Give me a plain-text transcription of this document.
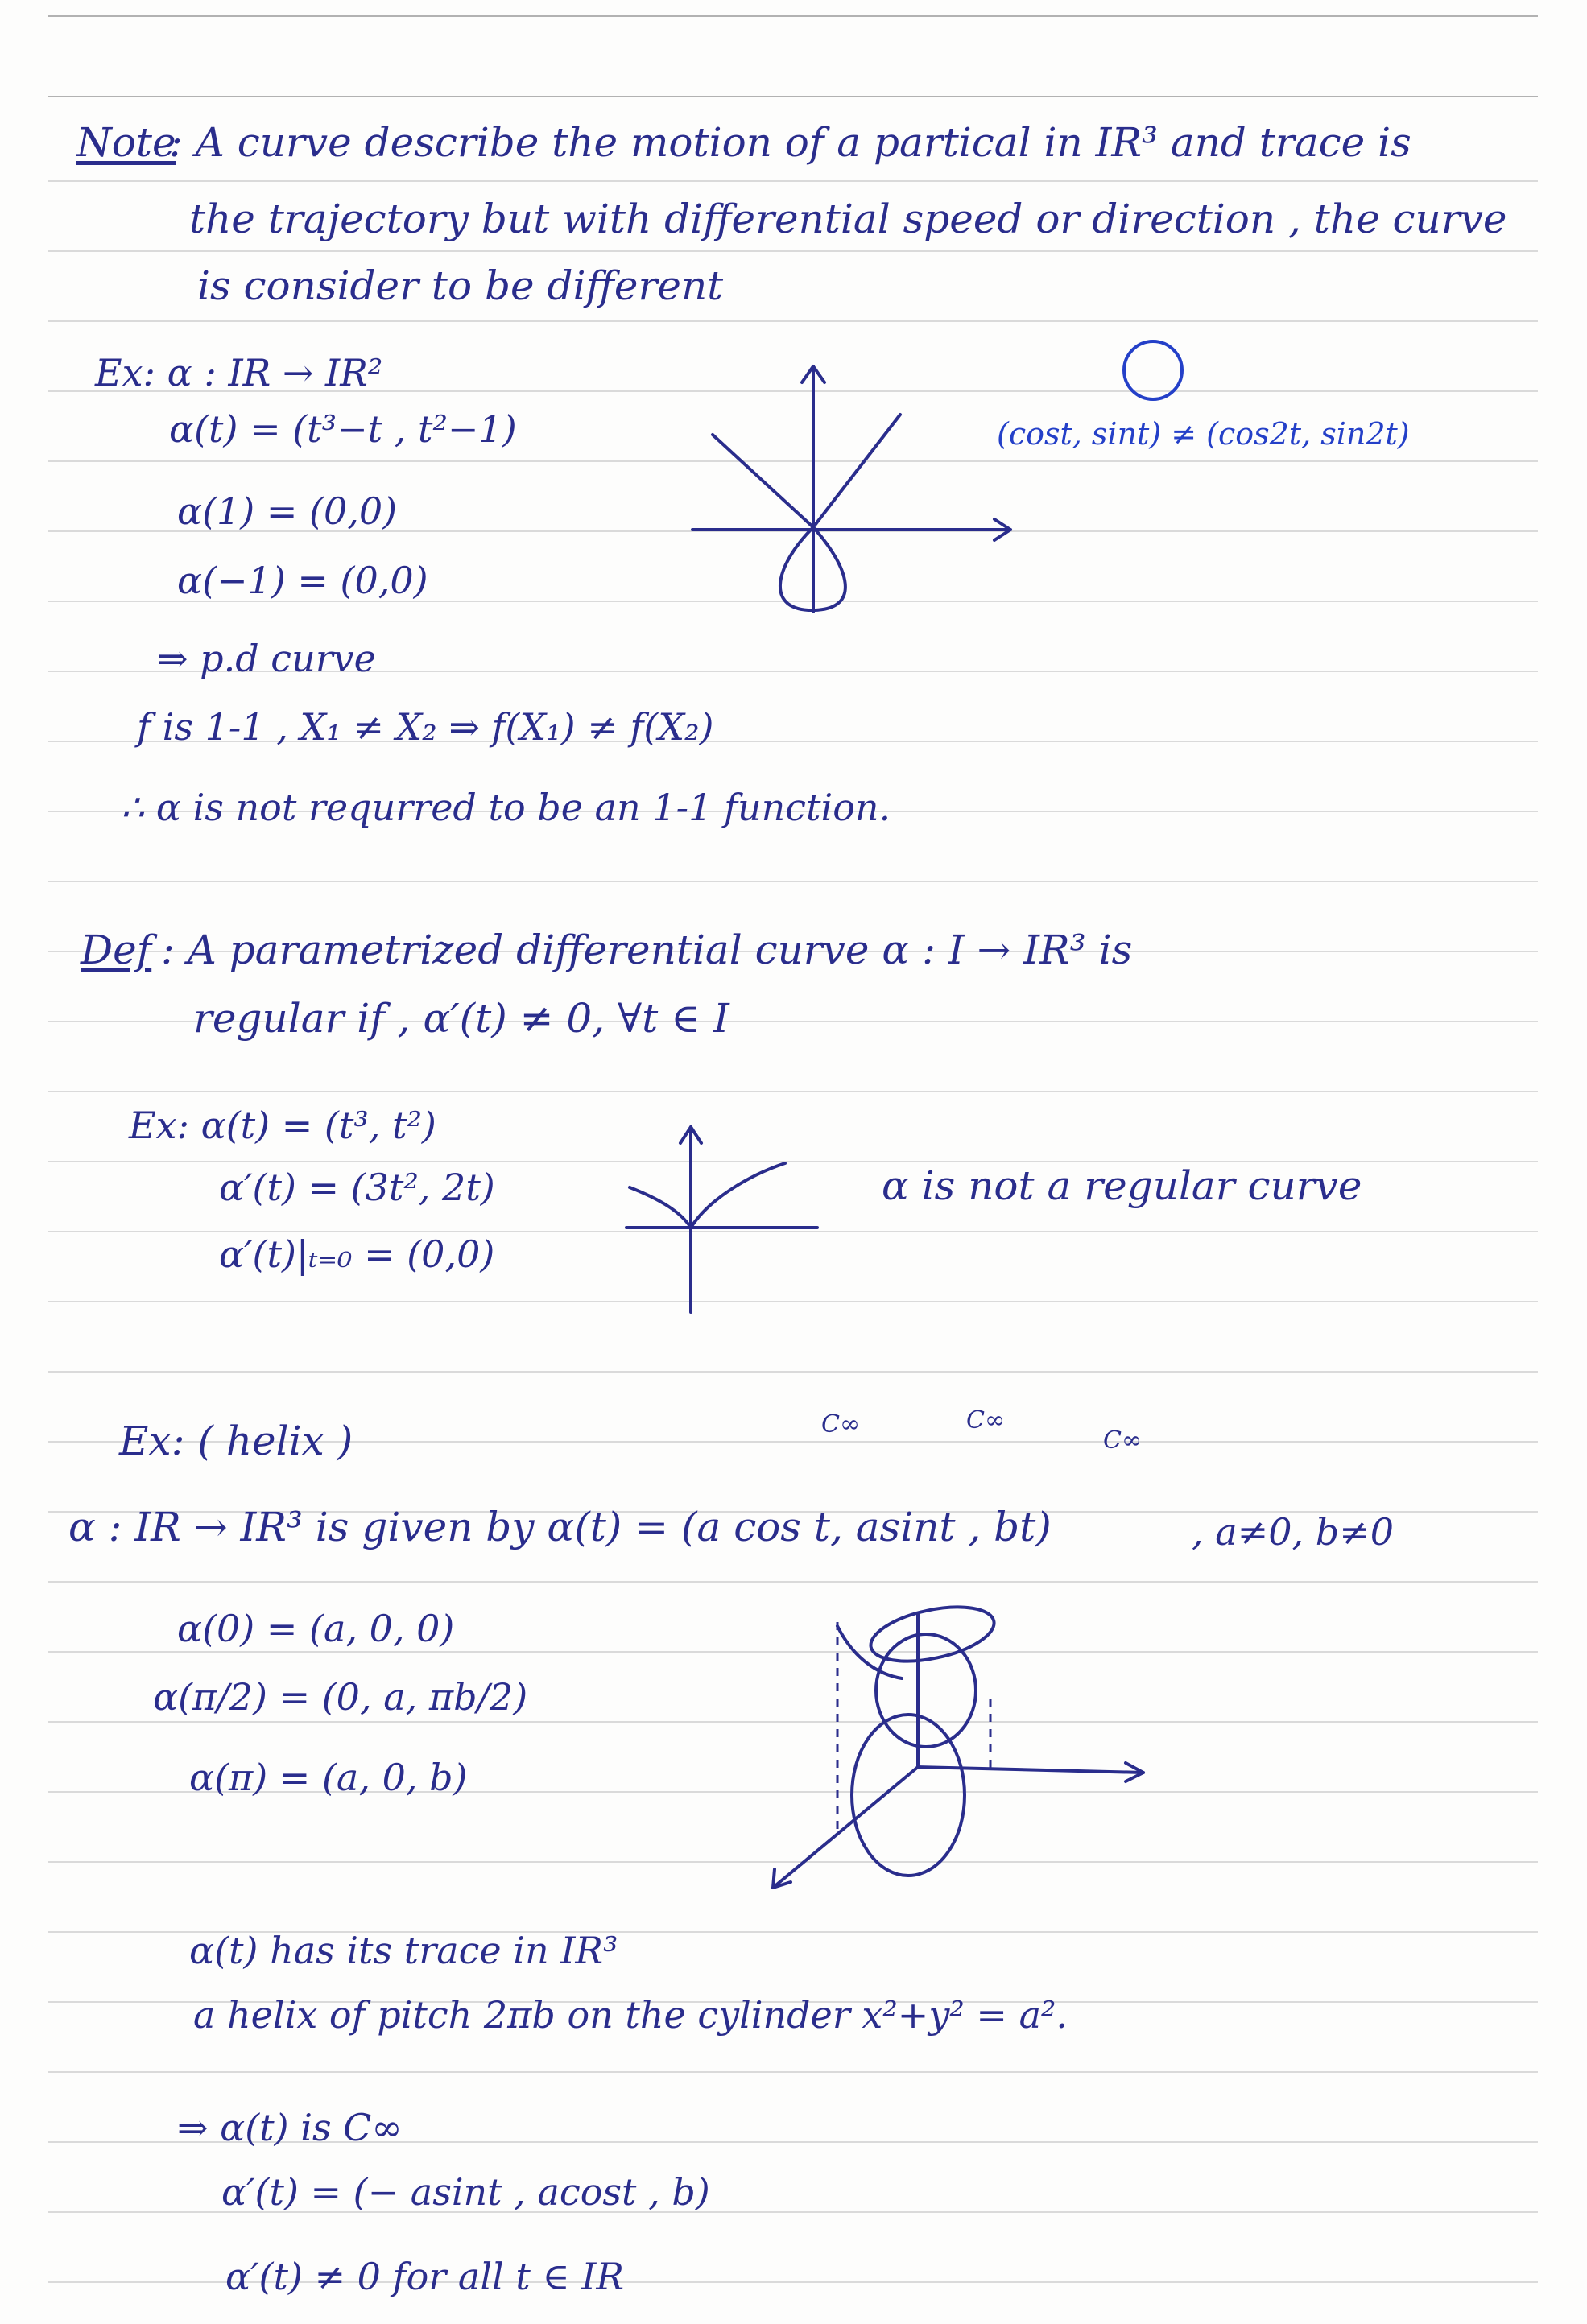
Note
: A curve describe the motion of a partical in IR³ and trace is
the trajectory but with differential speed or direction , the curve
is consider to be different
Ex: α : IR → IR²
α(t) = (t³−t , t²−1)
α(1) = (0,0)
α(−1) = (0,0)
⇒ p.d curve
f is 1-1 , X₁ ≠ X₂ ⇒ f(X₁) ≠ f(X₂)
∴ α is not requrred to be an 1-1 function.
(cost, sint) ≠ (cos2t, sin2t)
Def : A parametrized differential curve α : I → IR³ is
regular if , α′(t) ≠ 0, ∀t ∈ I
Ex: α(t) = (t³, t²)
α′(t) = (3t², 2t)
α′(t)|ₜ₌₀ = (0,0)
α is not a regular curve
Ex: ( helix )	C∞	C∞
C∞
α : IR → IR³ is given by α(t) = (a cos t, asint , bt)	, a≠0, b≠0
α(0) = (a, 0, 0)
α(π/2) = (0, a, πb/2)
α(π) = (a, 0, b)
α(t) has its trace in IR³
a helix of pitch 2πb on the cylinder x²+y² = a².
⇒ α(t) is C∞
α′(t) = (− asint , acost , b)
α′(t) ≠ 0 for all t ∈ IR
